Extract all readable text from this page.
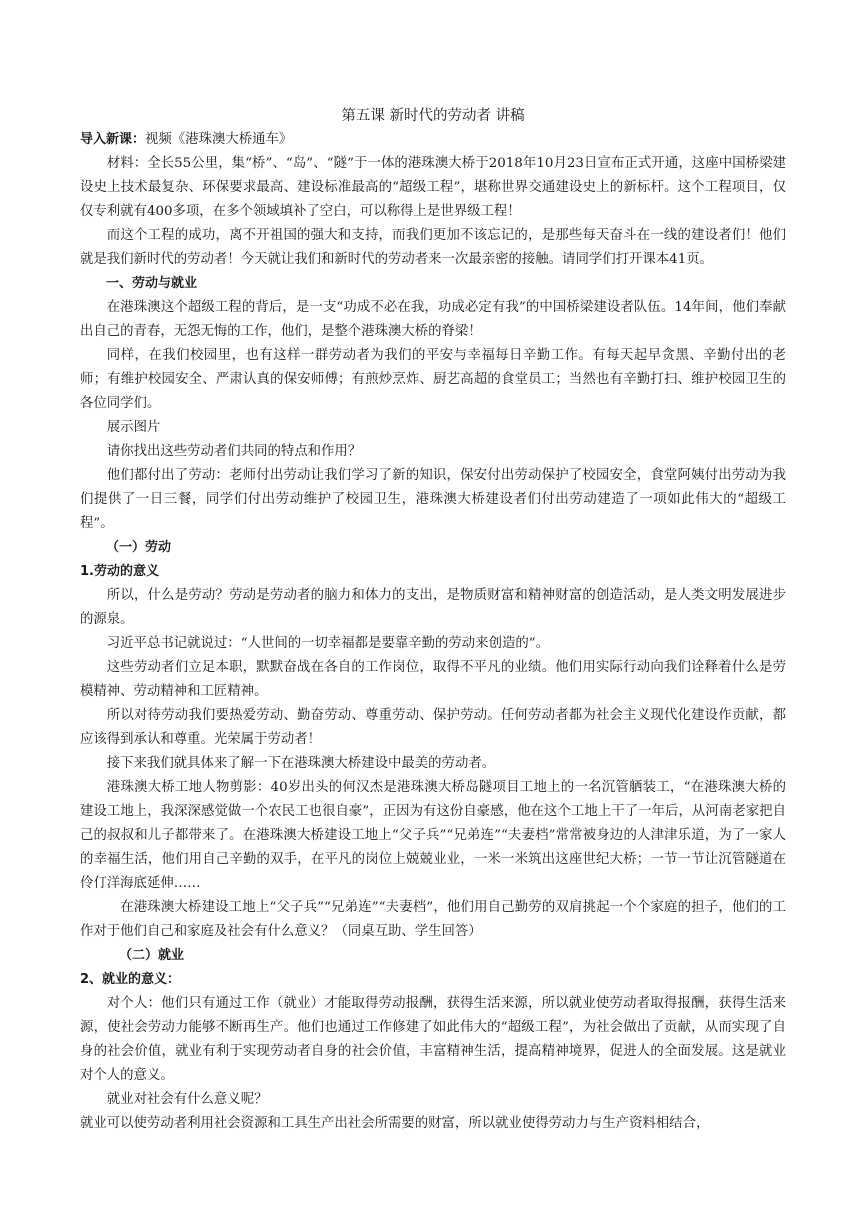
第五课 新时代的劳动者 讲稿

导入新课：视频《港珠澳大桥通车》

材料：全长55公里，集“桥”、“岛”、“隧”于一体的港珠澳大桥于2018年10月23日宣布正式开通，这座中国桥梁建设史上技术最复杂、环保要求最高、建设标准最高的“超级工程”，堪称世界交通建设史上的新标杆。这个工程项目，仅仅专利就有400多项，在多个领域填补了空白，可以称得上是世界级工程！

而这个工程的成功，离不开祖国的强大和支持，而我们更加不该忘记的，是那些每天奋斗在一线的建设者们！他们就是我们新时代的劳动者！今天就让我们和新时代的劳动者来一次最亲密的接触。请同学们打开课本41页。

一、劳动与就业

在港珠澳这个超级工程的背后，是一支“功成不必在我，功成必定有我”的中国桥梁建设者队伍。14年间，他们奉献出自己的青春，无怨无悔的工作，他们，是整个港珠澳大桥的脊梁！

同样，在我们校园里，也有这样一群劳动者为我们的平安与幸福每日辛勤工作。有每天起早贪黑、辛勤付出的老师；有维护校园安全、严肃认真的保安师傅；有煎炒烹炸、厨艺高超的食堂员工；当然也有辛勤打扫、维护校园卫生的各位同学们。

展示图片

请你找出这些劳动者们共同的特点和作用？

他们都付出了劳动：老师付出劳动让我们学习了新的知识，保安付出劳动保护了校园安全，食堂阿姨付出劳动为我们提供了一日三餐，同学们付出劳动维护了校园卫生，港珠澳大桥建设者们付出劳动建造了一项如此伟大的“超级工程”。

（一）劳动

1.劳动的意义

所以，什么是劳动？劳动是劳动者的脑力和体力的支出，是物质财富和精神财富的创造活动，是人类文明发展进步的源泉。

习近平总书记就说过：“人世间的一切幸福都是要靠辛勤的劳动来创造的”。

这些劳动者们立足本职，默默奋战在各自的工作岗位，取得不平凡的业绩。他们用实际行动向我们诠释着什么是劳模精神、劳动精神和工匠精神。

所以对待劳动我们要热爱劳动、勤奋劳动、尊重劳动、保护劳动。任何劳动者都为社会主义现代化建设作贡献，都应该得到承认和尊重。光荣属于劳动者！

接下来我们就具体来了解一下在港珠澳大桥建设中最美的劳动者。

港珠澳大桥工地人物剪影：40岁出头的何汉杰是港珠澳大桥岛隧项目工地上的一名沉管舾装工，“在港珠澳大桥的建设工地上，我深深感觉做一个农民工也很自豪”，正因为有这份自豪感，他在这个工地上干了一年后，从河南老家把自己的叔叔和儿子都带来了。在港珠澳大桥建设工地上“父子兵”“兄弟连”“夫妻档”常常被身边的人津津乐道，为了一家人的幸福生活，他们用自己辛勤的双手，在平凡的岗位上兢兢业业，一米一米筑出这座世纪大桥；一节一节让沉管隧道在伶仃洋海底延伸……

在港珠澳大桥建设工地上“父子兵”“兄弟连”“夫妻档”，他们用自己勤劳的双肩挑起一个个家庭的担子，他们的工作对于他们自己和家庭及社会有什么意义？（同桌互助、学生回答）

（二）就业

2、就业的意义：

对个人：他们只有通过工作（就业）才能取得劳动报酬，获得生活来源，所以就业使劳动者取得报酬，获得生活来源，使社会劳动力能够不断再生产。他们也通过工作修建了如此伟大的“超级工程”，为社会做出了贡献，从而实现了自身的社会价值，就业有利于实现劳动者自身的社会价值，丰富精神生活，提高精神境界，促进人的全面发展。这是就业对个人的意义。

就业对社会有什么意义呢？

就业可以使劳动者利用社会资源和工具生产出社会所需要的财富，所以就业使得劳动力与生产资料相结合，
